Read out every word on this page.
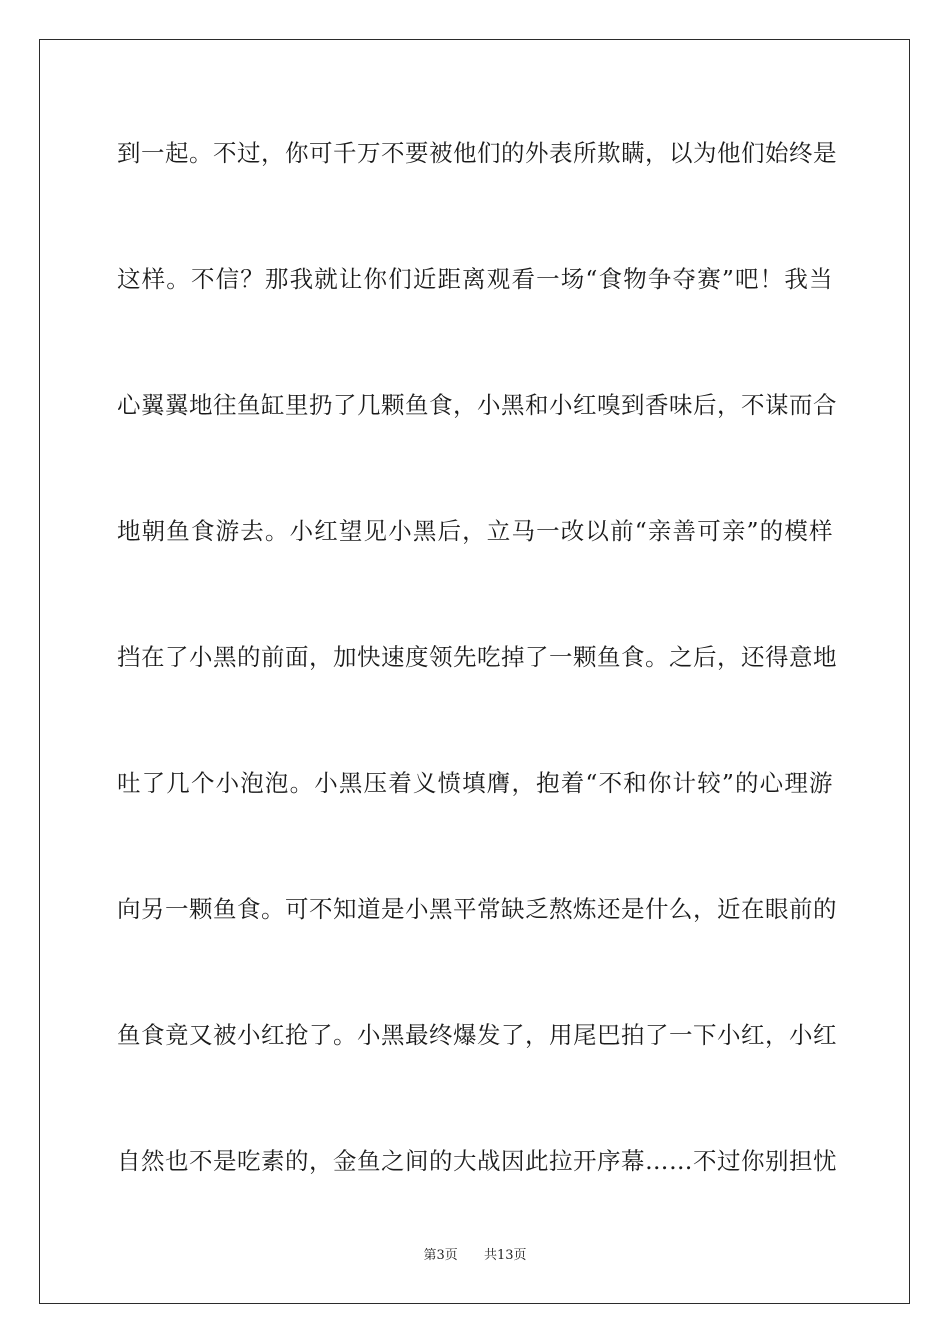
到一起。不过，你可千万不要被他们的外表所欺瞒，以为他们始终是
这样。不信？那我就让你们近距离观看一场“食物争夺赛”吧！我当
心翼翼地往鱼缸里扔了几颗鱼食，小黑和小红嗅到香味后，不谋而合
地朝鱼食游去。小红望见小黑后，立马一改以前“亲善可亲”的模样
挡在了小黑的前面，加快速度领先吃掉了一颗鱼食。之后，还得意地
吐了几个小泡泡。小黑压着义愤填膺，抱着“不和你计较”的心理游
向另一颗鱼食。可不知道是小黑平常缺乏熬炼还是什么，近在眼前的
鱼食竟又被小红抢了。小黑最终爆发了，用尾巴拍了一下小红，小红
自然也不是吃素的，金鱼之间的大战因此拉开序幕……不过你别担忧
第3页 共13页
